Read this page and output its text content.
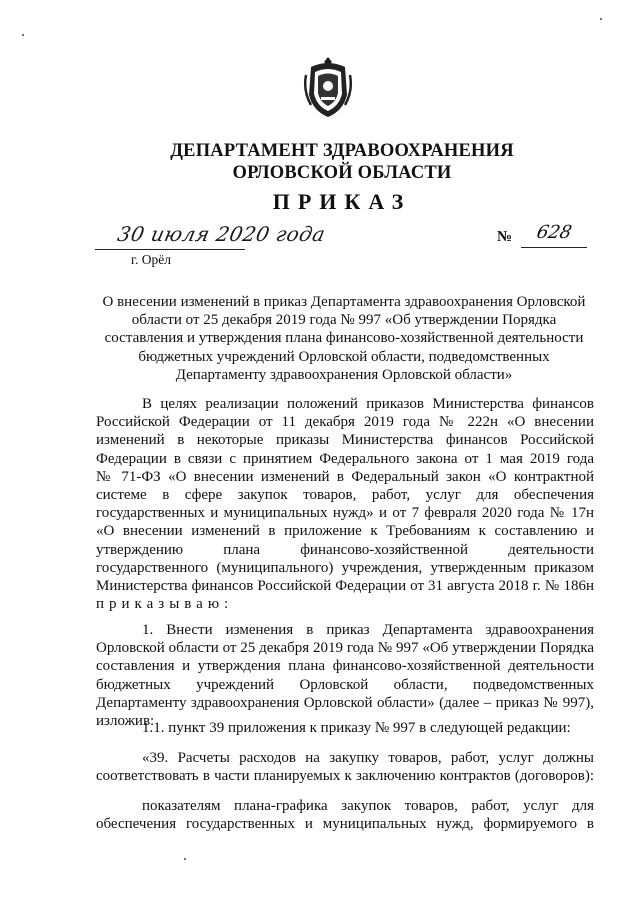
ДЕПАРТАМЕНТ ЗДРАВООХРАНЕНИЯ
ОРЛОВСКОЙ ОБЛАСТИ
ПРИКАЗ
30 июля 2020 года
г. Орёл
№ 628
О внесении изменений в приказ Департамента здравоохранения Орловской
области от 25 декабря 2019 года № 997 «Об утверждении Порядка
составления и утверждения плана финансово-хозяйственной деятельности
бюджетных учреждений Орловской области, подведомственных
Департаменту здравоохранения Орловской области»
В целях реализации положений приказов Министерства финансов
Российской Федерации от 11 декабря 2019 года № 222н «О внесении
изменений в некоторые приказы Министерства финансов Российской
Федерации в связи с принятием Федерального закона от 1 мая 2019 года
№ 71-ФЗ «О внесении изменений в Федеральный закон «О контрактной
системе в сфере закупок товаров, работ, услуг для обеспечения
государственных и муниципальных нужд» и от 7 февраля 2020 года № 17н
«О внесении изменений в приложение к Требованиям к составлению и
утверждению плана финансово-хозяйственной деятельности
государственного (муниципального) учреждения, утвержденным приказом
Министерства финансов Российской Федерации от 31 августа 2018 г. № 186н
приказываю:
1. Внести изменения в приказ Департамента здравоохранения
Орловской области от 25 декабря 2019 года № 997 «Об утверждении Порядка
составления и утверждения плана финансово-хозяйственной деятельности
бюджетных учреждений Орловской области, подведомственных
Департаменту здравоохранения Орловской области» (далее – приказ № 997),
изложив:
1.1. пункт 39 приложения к приказу № 997 в следующей редакции:
«39. Расчеты расходов на закупку товаров, работ, услуг должны
соответствовать в части планируемых к заключению контрактов (договоров):
показателям плана-графика закупок товаров, работ, услуг для
обеспечения государственных и муниципальных нужд, формируемого в
